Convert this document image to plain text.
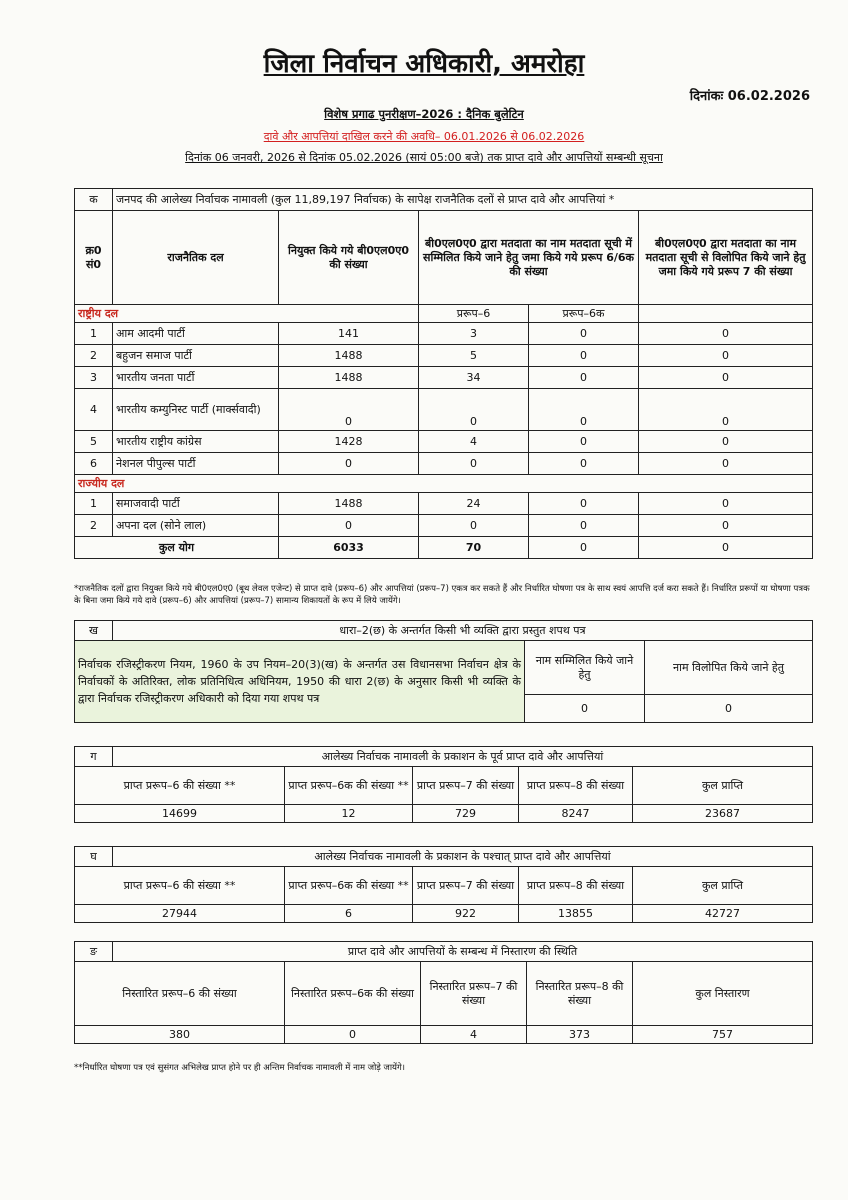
जिला निर्वाचन अधिकारी, अमरोहा
दिनांकः 06.02.2026
विशेष प्रगाढ पुनरीक्षण–2026 : दैनिक बुलेटिन
दावे और आपत्तियां दाखिल करने की अवधि– 06.01.2026 से 06.02.2026
दिनांक 06 जनवरी, 2026 से दिनांक 05.02.2026 (सायं 05:00 बजे) तक प्राप्त दावे और आपत्तियों सम्बन्धी सूचना
क	जनपद की आलेख्य निर्वाचक नामावली (कुल 11,89,197 निर्वाचक) के सापेक्ष राजनैतिक दलों से प्राप्त दावे और आपत्तियां *				
क्र0 सं0	राजनैतिक दल	नियुक्त किये गये बी0एल0ए0 की संख्या	बी0एल0ए0 द्वारा मतदाता का नाम मतदाता सूची में सम्मिलित किये जाने हेतु जमा किये गये प्ररूप 6/6क की संख्या		बी0एल0ए0 द्वारा मतदाता का नाम मतदाता सूची से विलोपित किये जाने हेतु जमा किये गये प्ररूप 7 की संख्या
राष्ट्रीय दल			प्ररूप–6	प्ररूप–6क	
1	आम आदमी पार्टी	141	3	0	0
2	बहुजन समाज पार्टी	1488	5	0	0
3	भारतीय जनता पार्टी	1488	34	0	0
4	भारतीय कम्युनिस्ट पार्टी (मार्क्सवादी)	0	0	0	0
5	भारतीय राष्ट्रीय कांग्रेस	1428	4	0	0
6	नेशनल पीपुल्स पार्टी	0	0	0	0
राज्यीय दल					
1	समाजवादी पार्टी	1488	24	0	0
2	अपना दल (सोने लाल)	0	0	0	0
कुल योग		6033	70	0	0
*राजनैतिक दलों द्वारा नियुक्त किये गये बी0एल0ए0 (बूथ लेवल एजेन्ट) से प्राप्त दावे (प्ररूप–6) और आपत्तियां (प्ररूप–7) एकत्र कर सकते हैं और निर्धारित घोषणा पत्र के साथ स्वयं आपत्ति दर्ज करा सकते हैं। निर्धारित प्ररूपों या घोषणा पत्रक के बिना जमा किये गये दावे (प्ररूप–6) और आपत्तियां (प्ररूप–7) सामान्य शिकायतों के रूप में लिये जायेंगे।
ख	धारा–2(छ) के अन्तर्गत किसी भी व्यक्ति द्वारा प्रस्तुत शपथ पत्र		
निर्वाचक रजिस्ट्रीकरण नियम, 1960 के उप नियम–20(3)(ख) के अन्तर्गत उस विधानसभा निर्वाचन क्षेत्र के निर्वाचकों के अतिरिक्त, लोक प्रतिनिधित्व अधिनियम, 1950 की धारा 2(छ) के अनुसार किसी भी व्यक्ति के द्वारा निर्वाचक रजिस्ट्रीकरण अधिकारी को दिया गया शपथ पत्र		नाम सम्मिलित किये जाने हेतु	नाम विलोपित किये जाने हेतु
		0	0
ग	आलेख्य निर्वाचक नामावली के प्रकाशन के पूर्व प्राप्त दावे और आपत्तियां				
प्राप्त प्ररूप–6 की संख्या **		प्राप्त प्ररूप–6क की संख्या **	प्राप्त प्ररूप–7 की संख्या	प्राप्त प्ररूप–8 की संख्या	कुल प्राप्ति
14699		12	729	8247	23687
घ	आलेख्य निर्वाचक नामावली के प्रकाशन के पश्चात् प्राप्त दावे और आपत्तियां				
प्राप्त प्ररूप–6 की संख्या **		प्राप्त प्ररूप–6क की संख्या **	प्राप्त प्ररूप–7 की संख्या	प्राप्त प्ररूप–8 की संख्या	कुल प्राप्ति
27944		6	922	13855	42727
ङ	प्राप्त दावे और आपत्तियों के सम्बन्ध में निस्तारण की स्थिति				
निस्तारित प्ररूप–6 की संख्या		निस्तारित प्ररूप–6क की संख्या	निस्तारित प्ररूप–7 की संख्या	निस्तारित प्ररूप–8 की संख्या	कुल निस्तारण
380		0	4	373	757
**निर्धारित घोषणा पत्र एवं सुसंगत अभिलेख प्राप्त होने पर ही अन्तिम निर्वाचक नामावली में नाम जोड़े जायेंगे।
